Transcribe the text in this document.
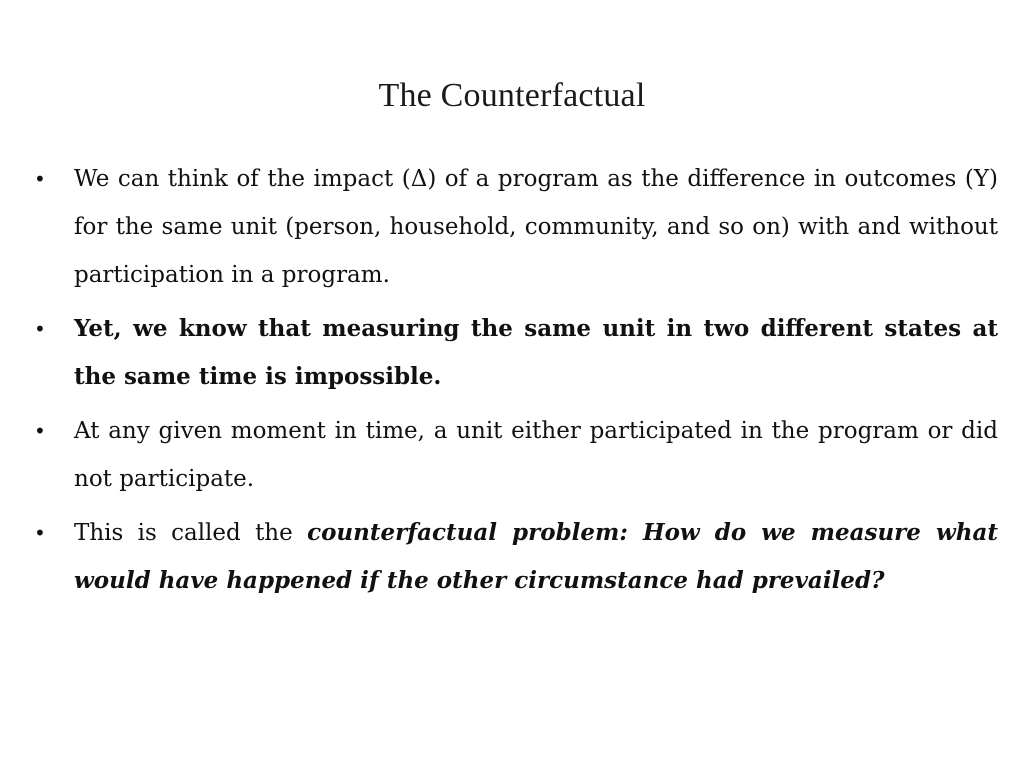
The Counterfactual
•	We can think of the impact (Δ) of a program as the difference in outcomes (Y) for the same unit (person, household, community, and so on) with and without participation in a program.
•	Yet, we know that measuring the same unit in two different states at the same time is impossible.
•	At any given moment in time, a unit either participated in the program or did not participate.
•	This is called the counterfactual problem: How do we measure what would have happened if the other circumstance had prevailed?
